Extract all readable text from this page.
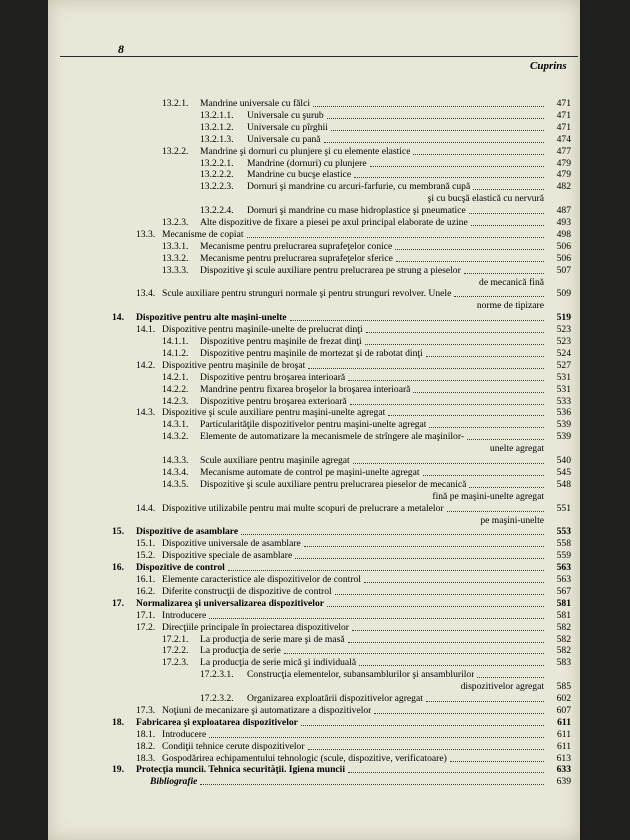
8
Cuprins
13.2.1. Mandrine universale cu fălci	471
13.2.1.1. Universale cu şurub	471
13.2.1.2. Universale cu pîrghii	471
13.2.1.3. Universale cu pană	474
13.2.2. Mandrine şi dornuri cu plunjere şi cu elemente elastice	477
13.2.2.1. Mandrine (dornuri) cu plunjere	479
13.2.2.2. Mandrine cu bucşe elastice	479
13.2.2.3. Dornuri şi mandrine cu arcuri-farfurie, cu membrană cupă	482
şi cu bucşă elastică cu nervură
13.2.2.4. Dornuri şi mandrine cu mase hidroplastice şi pneumatice	487
13.2.3. Alte dispozitive de fixare a piesei pe axul principal elaborate de uzine	493
13.3. Mecanisme de copiat	498
13.3.1. Mecanisme pentru prelucrarea suprafeţelor conice	506
13.3.2. Mecanisme pentru prelucrarea suprafeţelor sferice	506
13.3.3. Dispozitive şi scule auxiliare pentru prelucrarea pe strung a pieselor	507
de mecanică fină
13.4. Scule auxiliare pentru strunguri normale şi pentru strunguri revolver. Unele	509
norme de tipizare
14. Dispozitive pentru alte maşini-unelte	519
14.1. Dispozitive pentru maşinile-unelte de prelucrat dinţi	523
14.1.1. Dispozitive pentru maşinile de frezat dinţi	523
14.1.2. Dispozitive pentru maşinile de mortezat şi de rabotat dinţi	524
14.2. Dispozitive pentru maşinile de broşat	527
14.2.1. Dispozitive pentru broşarea interioară	531
14.2.2. Mandrine pentru fixarea broşelor la broşarea interioară	531
14.2.3. Dispozitive pentru broşarea exterioară	533
14.3. Dispozitive şi scule auxiliare pentru maşini-unelte agregat	536
14.3.1. Particularităţile dispozitivelor pentru maşini-unelte agregat	539
14.3.2. Elemente de automatizare la mecanismele de strîngere ale maşinilor-	539
unelte agregat
14.3.3. Scule auxiliare pentru maşinile agregat	540
14.3.4. Mecanisme automate de control pe maşini-unelte agregat	545
14.3.5. Dispozitive şi scule auxiliare pentru prelucrarea pieselor de mecanică	548
fină pe maşini-unelte agregat
14.4. Dispozitive utilizabile pentru mai multe scopuri de prelucrare a metalelor	551
pe maşini-unelte
15. Dispozitive de asamblare	553
15.1. Dispozitive universale de asamblare	558
15.2. Dispozitive speciale de asamblare	559
16. Dispozitive de control	563
16.1. Elemente caracteristice ale dispozitivelor de control	563
16.2. Diferite construcţii de dispozitive de control	567
17. Normalizarea şi universalizarea dispozitivelor	581
17.1. Introducere	581
17.2. Direcţiile principale în proiectarea dispozitivelor	582
17.2.1. La producţia de serie mare şi de masă	582
17.2.2. La producţia de serie	582
17.2.3. La producţia de serie mică şi individuală	583
17.2.3.1. Construcţia elementelor, subansamblurilor şi ansamblurilor
dispozitivelor agregat	585
17.2.3.2. Organizarea exploatării dispozitivelor agregat	602
17.3. Noţiuni de mecanizare şi automatizare a dispozitivelor	607
18. Fabricarea şi exploatarea dispozitivelor	611
18.1. Introducere	611
18.2. Condiţii tehnice cerute dispozitivelor	611
18.3. Gospodărirea echipamentului tehnologic (scule, dispozitive, verificatoare)	613
19. Protecţia muncii. Tehnica securităţii. Igiena muncii	633
Bibliografie	639
